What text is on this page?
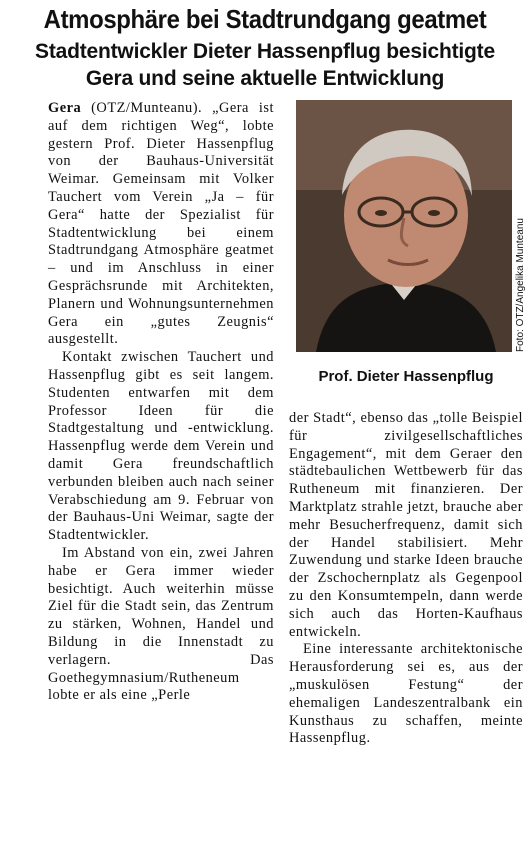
Atmosphäre bei Stadtrundgang geatmet
Stadtentwickler Dieter Hassenpflug besichtigte
Gera und seine aktuelle Entwicklung

Gera (OTZ/Munteanu). „Gera ist auf dem richtigen Weg“, lobte gestern Prof. Dieter Hassenpflug von der Bauhaus-Universität Weimar. Gemeinsam mit Volker Tauchert vom Verein „Ja – für Gera“ hatte der Spezialist für Stadtentwicklung bei einem Stadtrundgang Atmosphäre geatmet – und im Anschluss in einer Gesprächsrunde mit Architekten, Planern und Wohnungsunternehmen Gera ein „gutes Zeugnis“ ausgestellt.

Kontakt zwischen Tauchert und Hassenpflug gibt es seit langem. Studenten entwarfen mit dem Professor Ideen für die Stadtgestaltung und -entwicklung. Hassenpflug werde dem Verein und damit Gera freundschaftlich verbunden bleiben auch nach seiner Verabschiedung am 9. Februar von der Bauhaus-Uni Weimar, sagte der Stadtentwickler.

Im Abstand von ein, zwei Jahren habe er Gera immer wieder besichtigt. Auch weiterhin müsse Ziel für die Stadt sein, das Zentrum zu stärken, Wohnen, Handel und Bildung in die Innenstadt zu verlagern. Das Goethegymnasium/Rutheneum lobte er als eine „Perle

Foto: OTZ/Angelika Munteanu
Prof. Dieter Hassenpflug

der Stadt“, ebenso das „tolle Beispiel für zivilgesellschaftliches Engagement“, mit dem Geraer den städtebaulichen Wettbewerb für das Rutheneum mit finanzieren. Der Marktplatz strahle jetzt, brauche aber mehr Besucherfrequenz, damit sich der Handel stabilisiert. Mehr Zuwendung und starke Ideen brauche der Zschochernplatz als Gegenpool zu den Konsumtempeln, dann werde sich auch das Horten-Kaufhaus entwickeln.

Eine interessante architektonische Herausforderung sei es, aus der „muskulösen Festung“ der ehemaligen Landeszentralbank ein Kunsthaus zu schaffen, meinte Hassenpflug.
